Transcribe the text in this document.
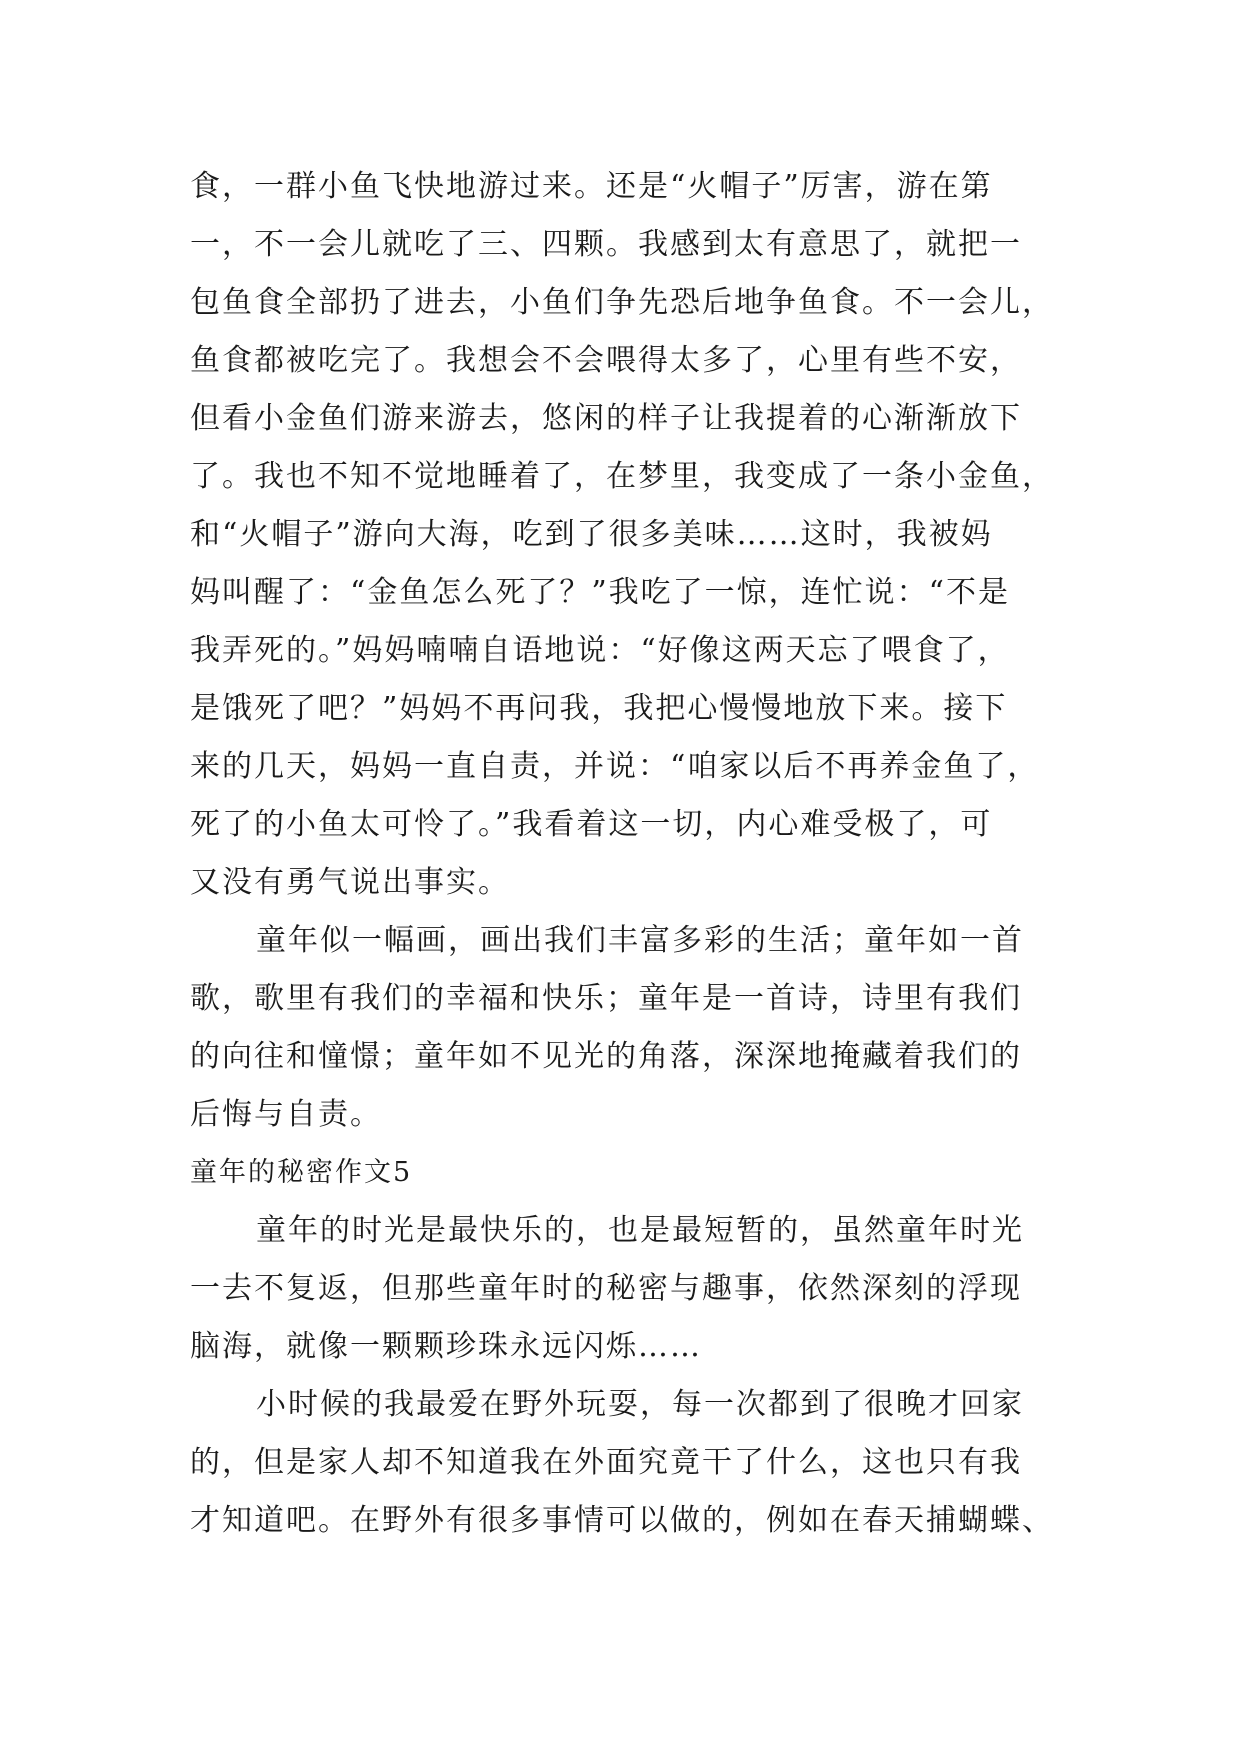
食，一群小鱼飞快地游过来。还是“火帽子”厉害，游在第
一，不一会儿就吃了三、四颗。我感到太有意思了，就把一
包鱼食全部扔了进去，小鱼们争先恐后地争鱼食。不一会儿，
鱼食都被吃完了。我想会不会喂得太多了，心里有些不安，
但看小金鱼们游来游去，悠闲的样子让我提着的心渐渐放下
了。我也不知不觉地睡着了，在梦里，我变成了一条小金鱼，
和“火帽子”游向大海，吃到了很多美味……这时，我被妈
妈叫醒了：“金鱼怎么死了？”我吃了一惊，连忙说：“不是
我弄死的。”妈妈喃喃自语地说：“好像这两天忘了喂食了，
是饿死了吧？”妈妈不再问我，我把心慢慢地放下来。接下
来的几天，妈妈一直自责，并说：“咱家以后不再养金鱼了，
死了的小鱼太可怜了。”我看着这一切，内心难受极了，可
又没有勇气说出事实。
童年似一幅画，画出我们丰富多彩的生活；童年如一首
歌，歌里有我们的幸福和快乐；童年是一首诗，诗里有我们
的向往和憧憬；童年如不见光的角落，深深地掩藏着我们的
后悔与自责。
童年的秘密作文5
童年的时光是最快乐的，也是最短暂的，虽然童年时光
一去不复返，但那些童年时的秘密与趣事，依然深刻的浮现
脑海，就像一颗颗珍珠永远闪烁……
小时候的我最爱在野外玩耍，每一次都到了很晚才回家
的，但是家人却不知道我在外面究竟干了什么，这也只有我
才知道吧。在野外有很多事情可以做的，例如在春天捕蝴蝶、
